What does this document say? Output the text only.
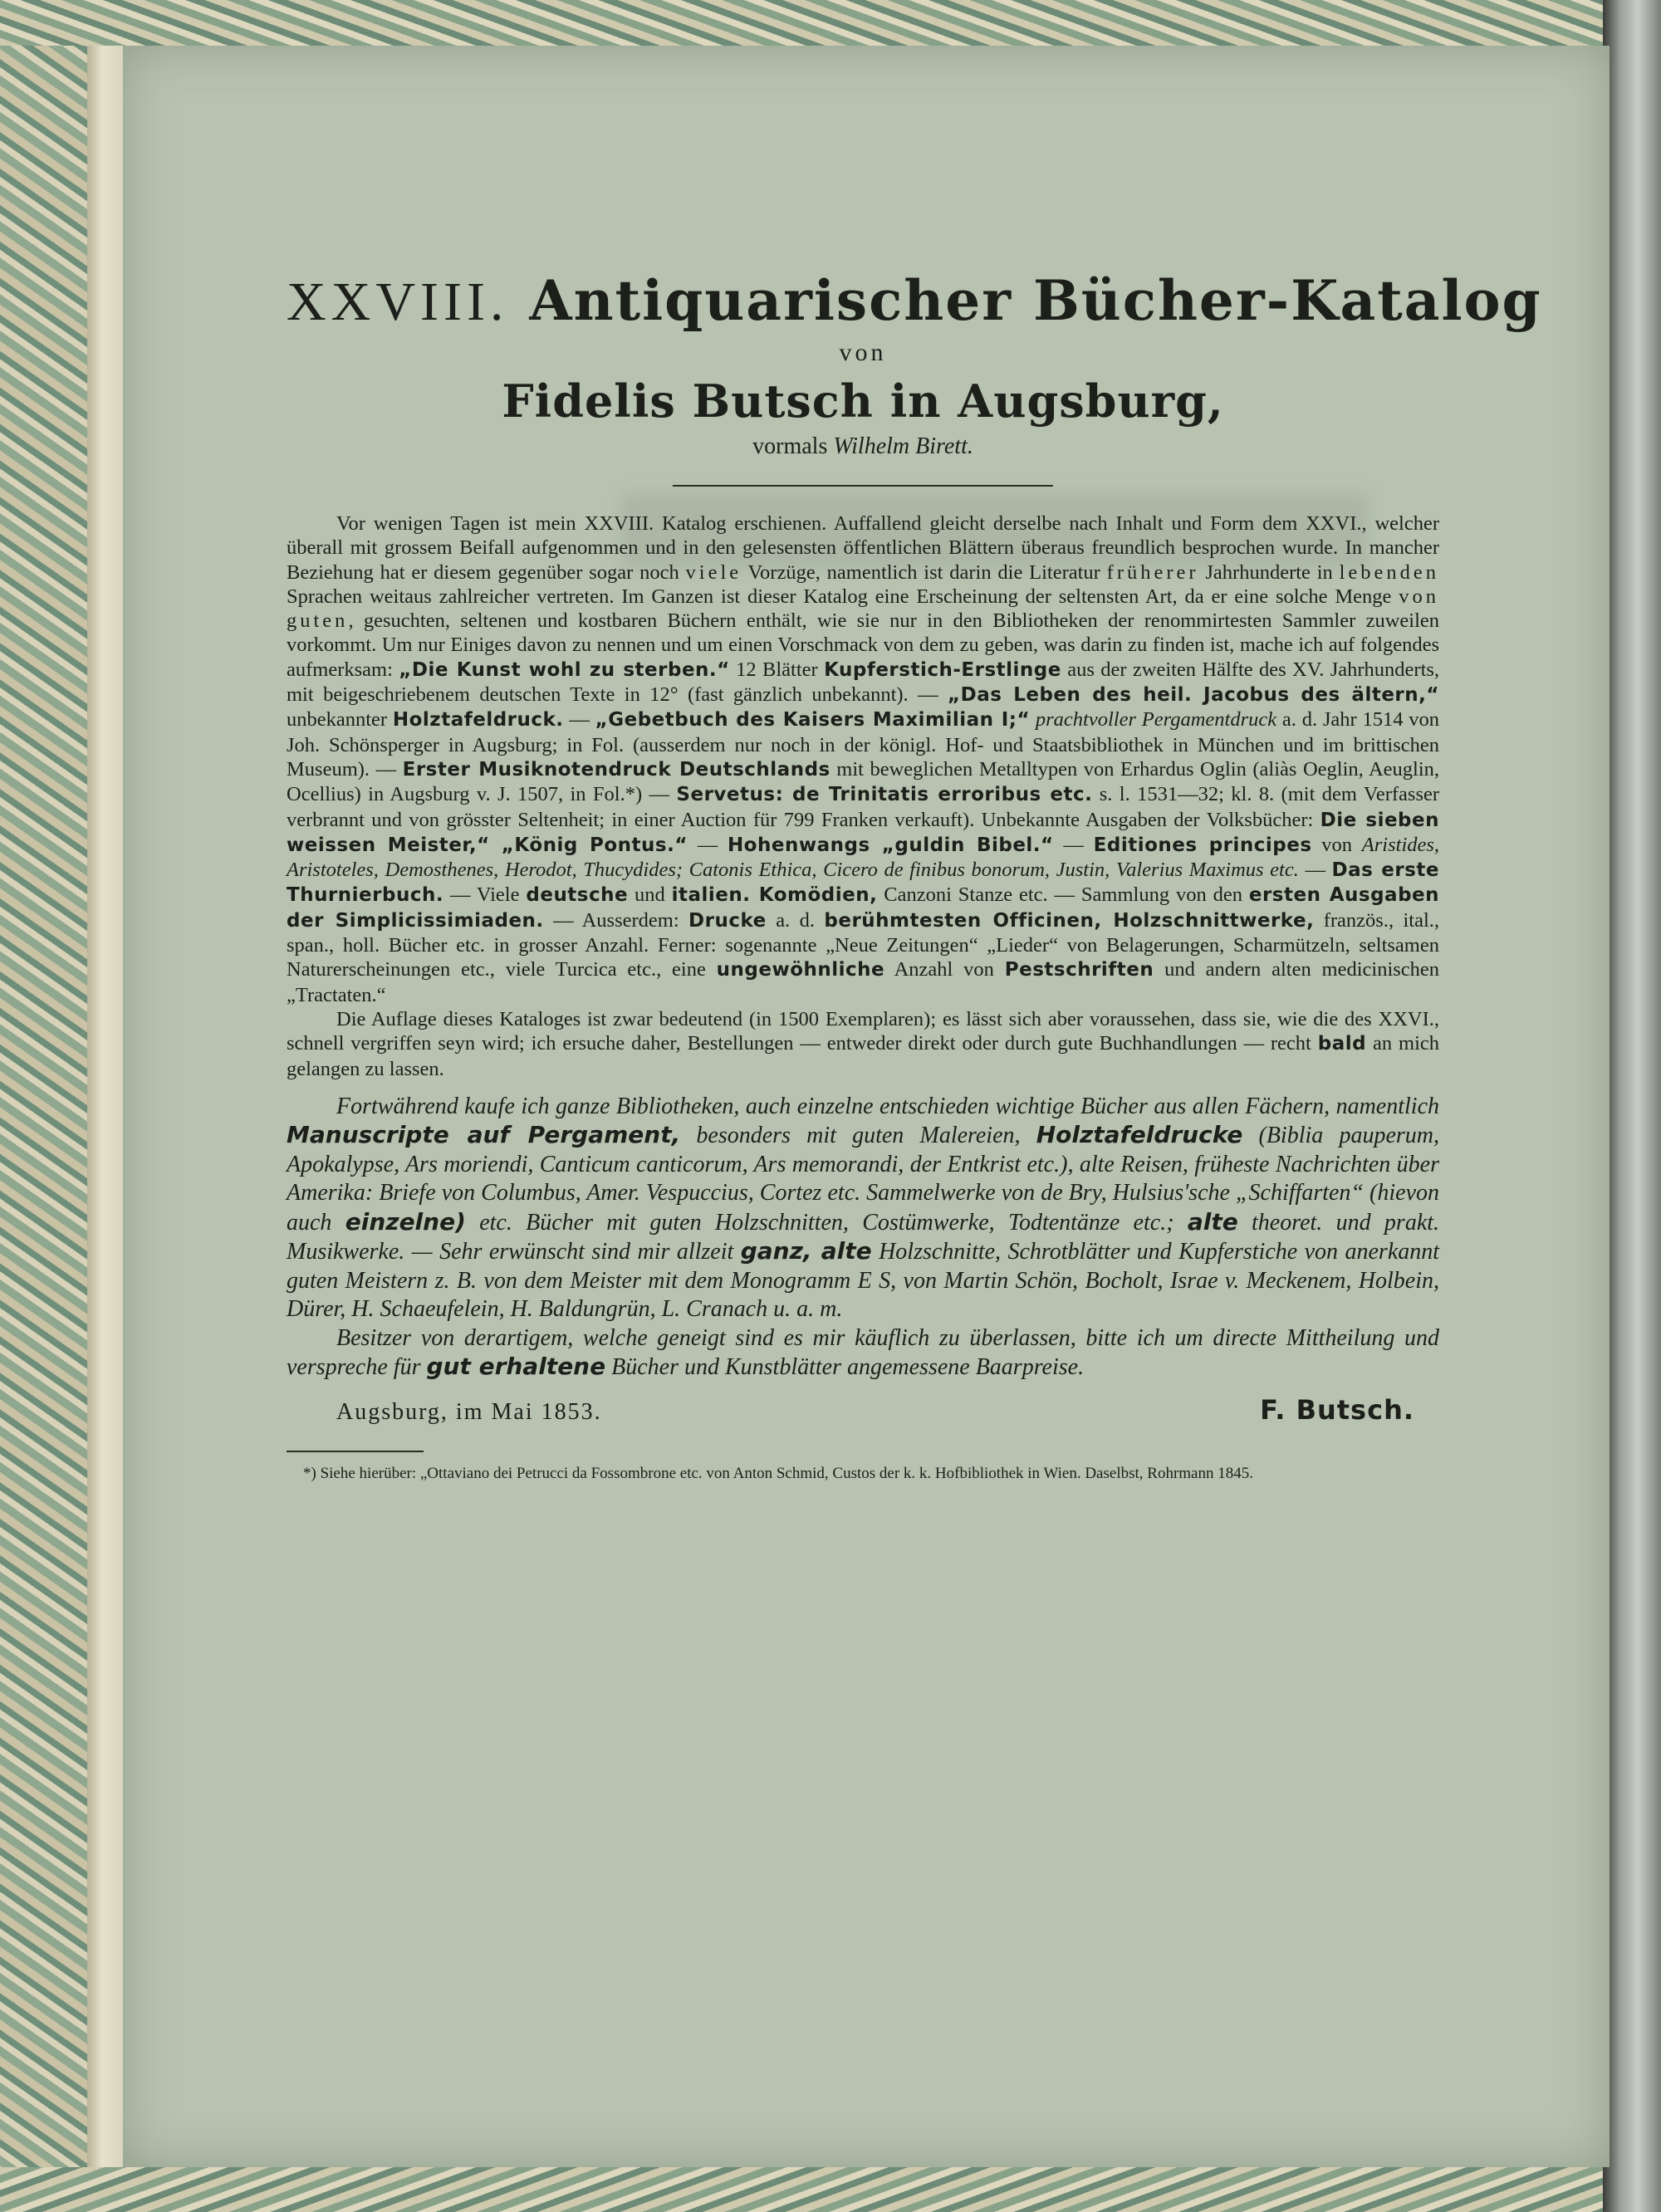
XXVIII. Antiquarischer Bücher-Katalog
von
Fidelis Butsch in Augsburg,
vormals Wilhelm Birett.

Vor wenigen Tagen ist mein XXVIII. Katalog erschienen. Auffallend gleicht derselbe nach Inhalt und Form dem XXVI., welcher überall mit grossem Beifall aufgenommen und in den gelesensten öffentlichen Blättern überaus freundlich besprochen wurde. In mancher Beziehung hat er diesem gegenüber sogar noch viele Vorzüge, namentlich ist darin die Literatur früherer Jahrhunderte in lebenden Sprachen weitaus zahlreicher vertreten. Im Ganzen ist dieser Katalog eine Erscheinung der seltensten Art, da er eine solche Menge von guten, gesuchten, seltenen und kostbaren Büchern enthält, wie sie nur in den Bibliotheken der renommirtesten Sammler zuweilen vorkommt. Um nur Einiges davon zu nennen und um einen Vorschmack von dem zu geben, was darin zu finden ist, mache ich auf folgendes aufmerksam: „Die Kunst wohl zu sterben.“ 12 Blätter Kupferstich-Erstlinge aus der zweiten Hälfte des XV. Jahrhunderts, mit beigeschriebenem deutschen Texte in 12° (fast gänzlich unbekannt). — „Das Leben des heil. Jacobus des ältern,“ unbekannter Holztafeldruck. — „Gebetbuch des Kaisers Maximilian I;“ prachtvoller Pergamentdruck a. d. Jahr 1514 von Joh. Schönsperger in Augsburg; in Fol. (ausserdem nur noch in der königl. Hof- und Staatsbibliothek in München und im brittischen Museum). — Erster Musiknotendruck Deutschlands mit beweglichen Metalltypen von Erhardus Oglin (aliàs Oeglin, Aeuglin, Ocellius) in Augsburg v. J. 1507, in Fol.*) — Servetus: de Trinitatis erroribus etc. s. l. 1531—32; kl. 8. (mit dem Verfasser verbrannt und von grösster Seltenheit; in einer Auction für 799 Franken verkauft). Unbekannte Ausgaben der Volksbücher: Die sieben weissen Meister,“ „König Pontus.“ — Hohenwangs „guldin Bibel.“ — Editiones principes von Aristides, Aristoteles, Demosthenes, Herodot, Thucydides; Catonis Ethica, Cicero de finibus bonorum, Justin, Valerius Maximus etc. — Das erste Thurnierbuch. — Viele deutsche und italien. Komödien, Canzoni Stanze etc. — Sammlung von den ersten Ausgaben der Simplicissimiaden. — Ausserdem: Drucke a. d. berühmtesten Officinen, Holzschnittwerke, französ., ital., span., holl. Bücher etc. in grosser Anzahl. Ferner: sogenannte „Neue Zeitungen“ „Lieder“ von Belagerungen, Scharmützeln, seltsamen Naturerscheinungen etc., viele Turcica etc., eine ungewöhnliche Anzahl von Pestschriften und andern alten medicinischen „Tractaten.“

Die Auflage dieses Kataloges ist zwar bedeutend (in 1500 Exemplaren); es lässt sich aber voraussehen, dass sie, wie die des XXVI., schnell vergriffen seyn wird; ich ersuche daher, Bestellungen — entweder direkt oder durch gute Buchhandlungen — recht bald an mich gelangen zu lassen.

Fortwährend kaufe ich ganze Bibliotheken, auch einzelne entschieden wichtige Bücher aus allen Fächern, namentlich Manuscripte auf Pergament, besonders mit guten Malereien, Holztafeldrucke (Biblia pauperum, Apokalypse, Ars moriendi, Canticum canticorum, Ars memorandi, der Entkrist etc.), alte Reisen, früheste Nachrichten über Amerika: Briefe von Columbus, Amer. Vespuccius, Cortez etc. Sammelwerke von de Bry, Hulsius'sche „Schiffarten“ (hievon auch einzelne) etc. Bücher mit guten Holzschnitten, Costümwerke, Todtentänze etc.; alte theoret. und prakt. Musikwerke. — Sehr erwünscht sind mir allzeit ganz, alte Holzschnitte, Schrotblätter und Kupferstiche von anerkannt guten Meistern z. B. von dem Meister mit dem Monogramm E S, von Martin Schön, Bocholt, Israe v. Meckenem, Holbein, Dürer, H. Schaeufelein, H. Baldungrün, L. Cranach u. a. m.

Besitzer von derartigem, welche geneigt sind es mir käuflich zu überlassen, bitte ich um directe Mittheilung und verspreche für gut erhaltene Bücher und Kunstblätter angemessene Baarpreise.

Augsburg, im Mai 1853.	F. Butsch.
*) Siehe hierüber: „Ottaviano dei Petrucci da Fossombrone etc. von Anton Schmid, Custos der k. k. Hofbibliothek in Wien. Daselbst, Rohrmann 1845.
